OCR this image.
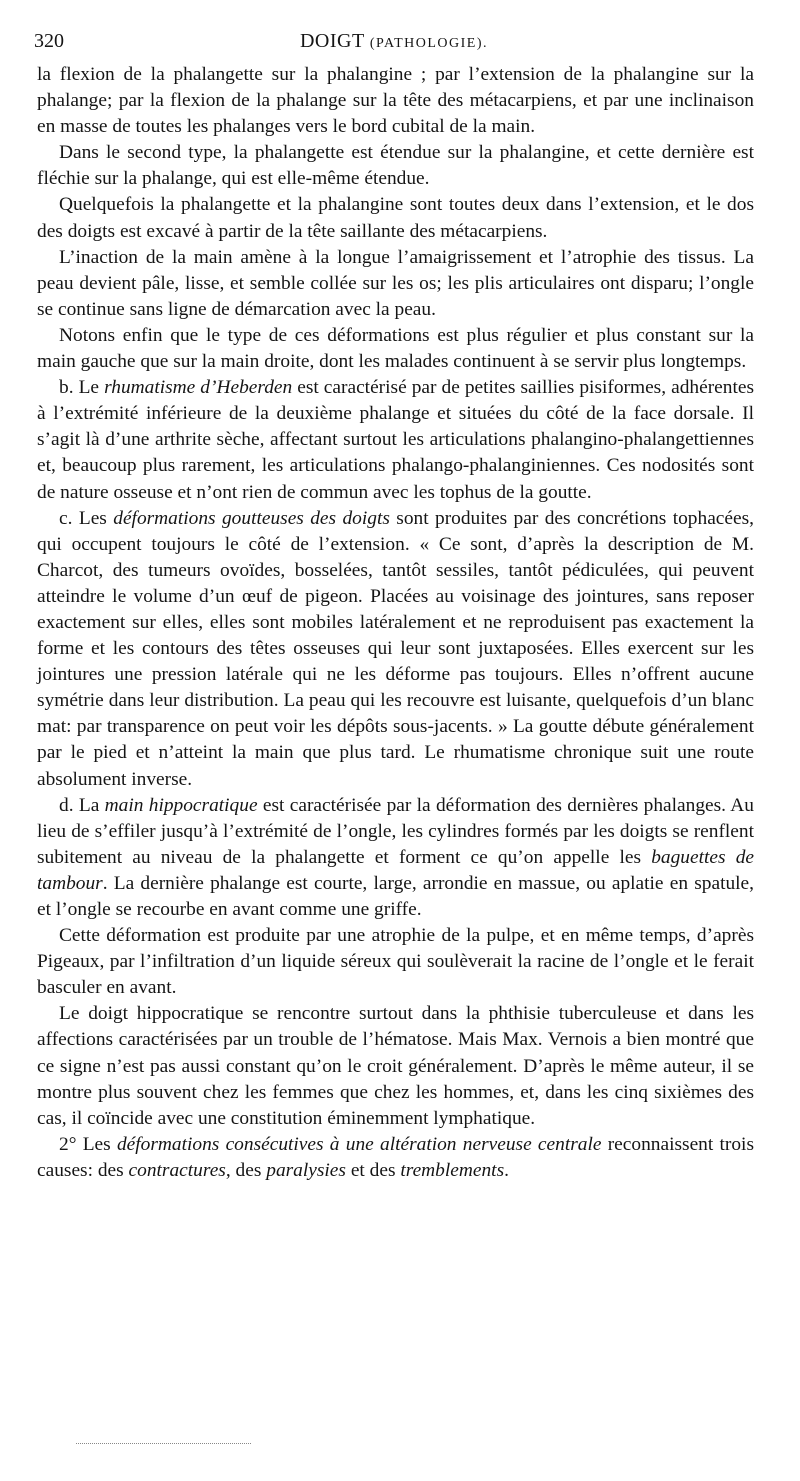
320	DOIGT (PATHOLOGIE).

la flexion de la phalangette sur la phalangine ; par l’extension de la phalangine sur la phalange; par la flexion de la phalange sur la tête des métacarpiens, et par une inclinaison en masse de toutes les phalanges vers le bord cubital de la main.

Dans le second type, la phalangette est étendue sur la phalangine, et cette dernière est fléchie sur la phalange, qui est elle-même étendue.

Quelquefois la phalangette et la phalangine sont toutes deux dans l’extension, et le dos des doigts est excavé à partir de la tête saillante des métacarpiens.

L’inaction de la main amène à la longue l’amaigrissement et l’atrophie des tissus. La peau devient pâle, lisse, et semble collée sur les os; les plis articulaires ont disparu; l’ongle se continue sans ligne de démarcation avec la peau.

Notons enfin que le type de ces déformations est plus régulier et plus constant sur la main gauche que sur la main droite, dont les malades continuent à se servir plus longtemps.

b. Le rhumatisme d’Heberden est caractérisé par de petites saillies pisiformes, adhérentes à l’extrémité inférieure de la deuxième phalange et situées du côté de la face dorsale. Il s’agit là d’une arthrite sèche, affectant surtout les articulations phalangino-phalangettiennes et, beaucoup plus rarement, les articulations phalango-phalanginiennes. Ces nodosités sont de nature osseuse et n’ont rien de commun avec les tophus de la goutte.

c. Les déformations goutteuses des doigts sont produites par des concrétions tophacées, qui occupent toujours le côté de l’extension. « Ce sont, d’après la description de M. Charcot, des tumeurs ovoïdes, bosselées, tantôt sessiles, tantôt pédiculées, qui peuvent atteindre le volume d’un œuf de pigeon. Placées au voisinage des jointures, sans reposer exactement sur elles, elles sont mobiles latéralement et ne reproduisent pas exactement la forme et les contours des têtes osseuses qui leur sont juxtaposées. Elles exercent sur les jointures une pression latérale qui ne les déforme pas toujours. Elles n’offrent aucune symétrie dans leur distribution. La peau qui les recouvre est luisante, quelquefois d’un blanc mat: par transparence on peut voir les dépôts sous-jacents. » La goutte débute généralement par le pied et n’atteint la main que plus tard. Le rhumatisme chronique suit une route absolument inverse.

d. La main hippocratique est caractérisée par la déformation des dernières phalanges. Au lieu de s’effiler jusqu’à l’extrémité de l’ongle, les cylindres formés par les doigts se renflent subitement au niveau de la phalangette et forment ce qu’on appelle les baguettes de tambour. La dernière phalange est courte, large, arrondie en massue, ou aplatie en spatule, et l’ongle se recourbe en avant comme une griffe.

Cette déformation est produite par une atrophie de la pulpe, et en même temps, d’après Pigeaux, par l’infiltration d’un liquide séreux qui soulèverait la racine de l’ongle et le ferait basculer en avant.

Le doigt hippocratique se rencontre surtout dans la phthisie tuberculeuse et dans les affections caractérisées par un trouble de l’hématose. Mais Max. Vernois a bien montré que ce signe n’est pas aussi constant qu’on le croit généralement. D’après le même auteur, il se montre plus souvent chez les femmes que chez les hommes, et, dans les cinq sixièmes des cas, il coïncide avec une constitution éminemment lymphatique.

2° Les déformations consécutives à une altération nerveuse centrale reconnaissent trois causes: des contractures, des paralysies et des tremblements.
